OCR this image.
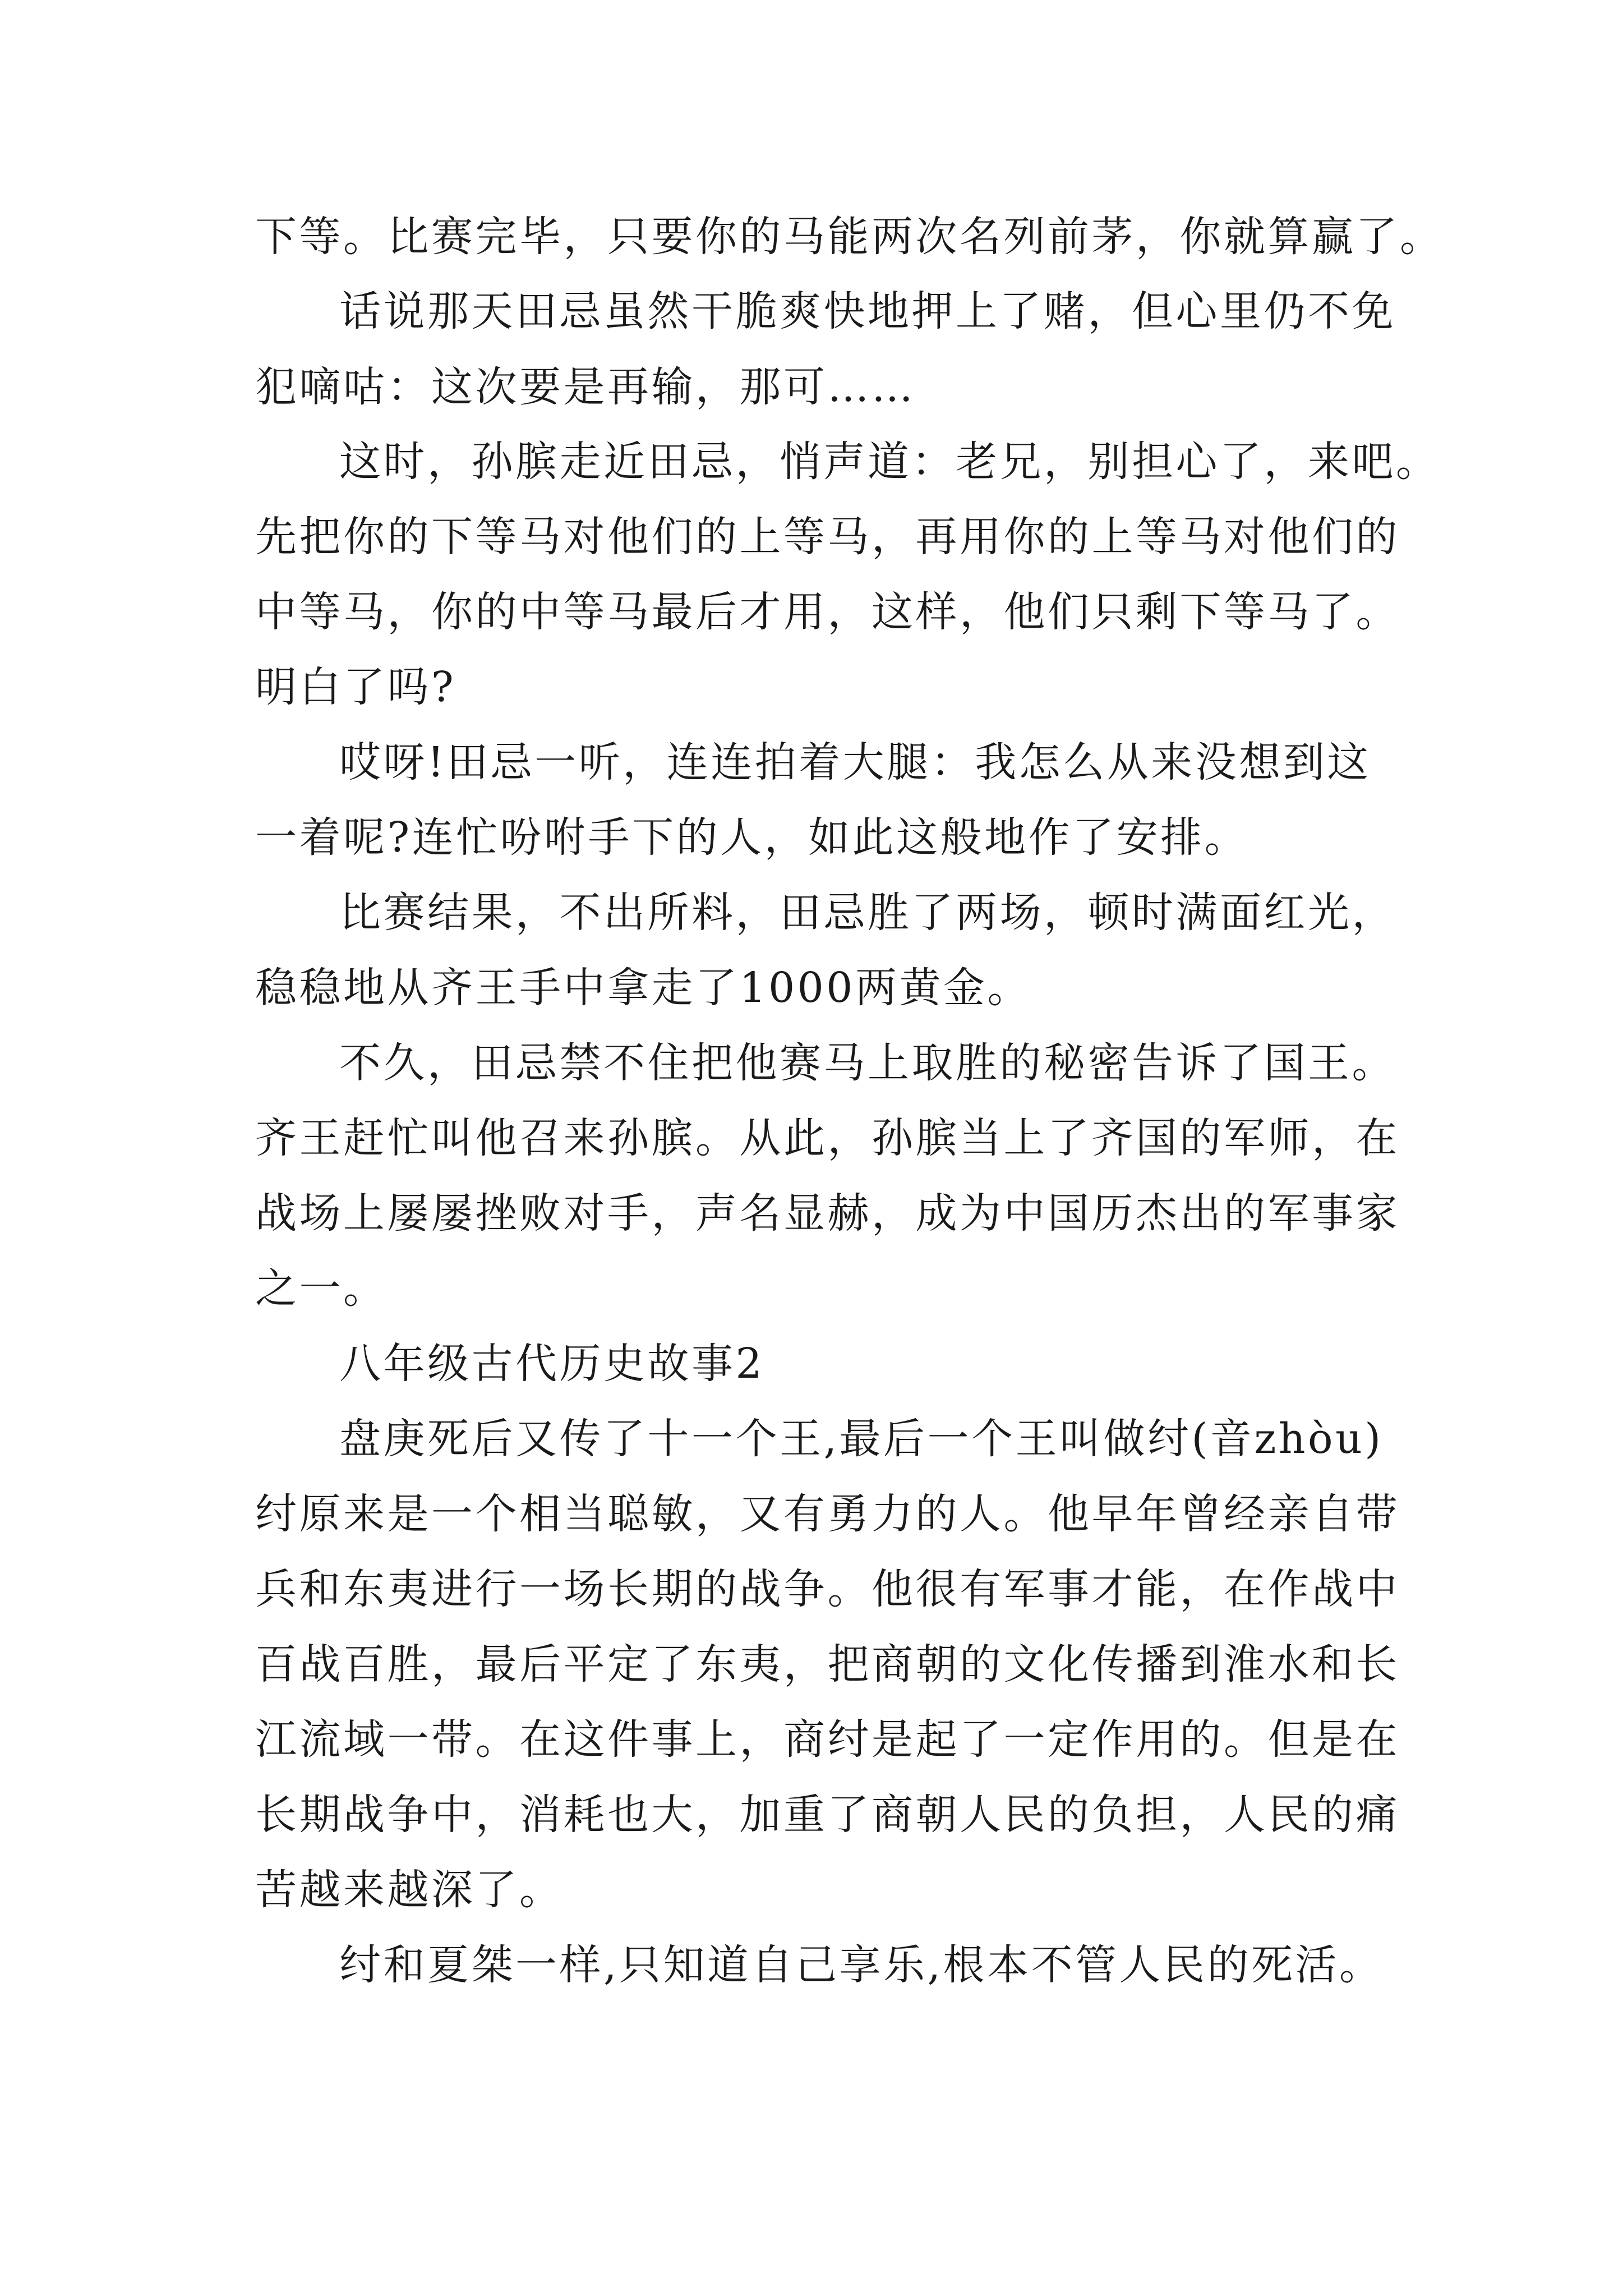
下等。比赛完毕，只要你的马能两次名列前茅，你就算赢了。
话说那天田忌虽然干脆爽快地押上了赌，但心里仍不免
犯嘀咕：这次要是再输，那可……
这时，孙膑走近田忌，悄声道：老兄，别担心了，来吧。
先把你的下等马对他们的上等马，再用你的上等马对他们的
中等马，你的中等马最后才用，这样，他们只剩下等马了。
明白了吗?
哎呀!田忌一听，连连拍着大腿：我怎么从来没想到这
一着呢?连忙吩咐手下的人，如此这般地作了安排。
比赛结果，不出所料，田忌胜了两场，顿时满面红光，
稳稳地从齐王手中拿走了1000两黄金。
不久，田忌禁不住把他赛马上取胜的秘密告诉了国王。
齐王赶忙叫他召来孙膑。从此，孙膑当上了齐国的军师，在
战场上屡屡挫败对手，声名显赫，成为中国历杰出的军事家
之一。
八年级古代历史故事2
盘庚死后又传了十一个王,最后一个王叫做纣(音zhòu)
纣原来是一个相当聪敏，又有勇力的人。他早年曾经亲自带
兵和东夷进行一场长期的战争。他很有军事才能，在作战中
百战百胜，最后平定了东夷，把商朝的文化传播到淮水和长
江流域一带。在这件事上，商纣是起了一定作用的。但是在
长期战争中，消耗也大，加重了商朝人民的负担，人民的痛
苦越来越深了。
纣和夏桀一样,只知道自己享乐,根本不管人民的死活。
